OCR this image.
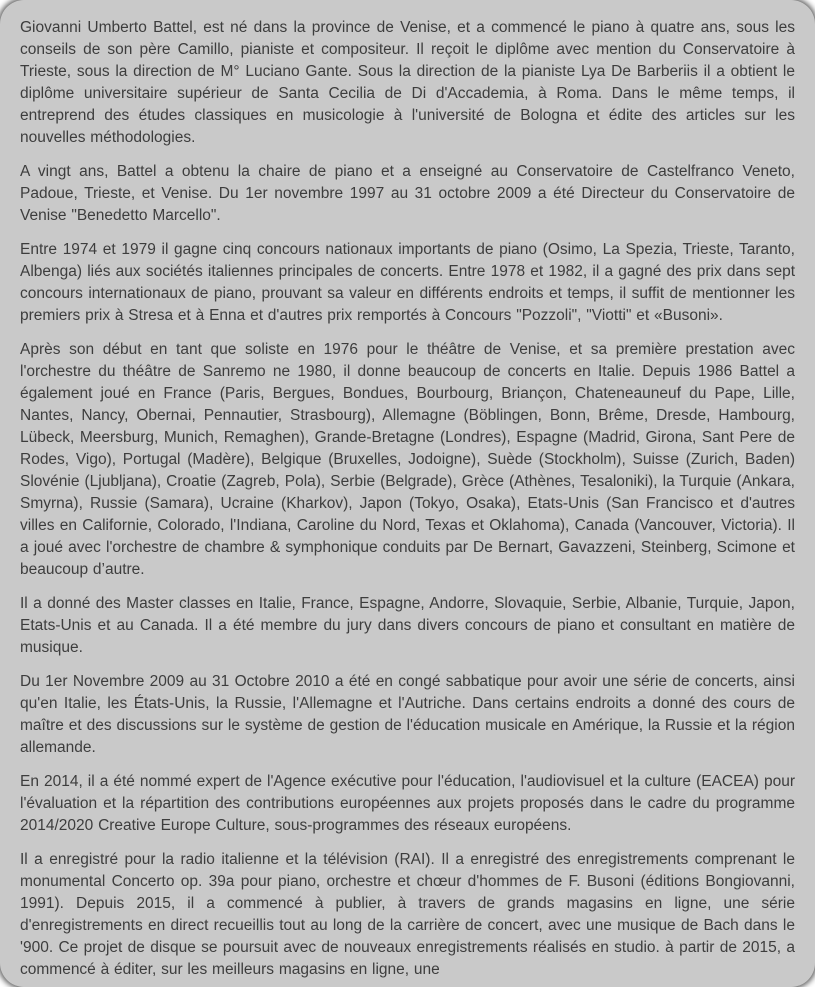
Giovanni Umberto Battel, est né dans la province de Venise, et a commencé le piano à quatre ans, sous les conseils de son père Camillo, pianiste et compositeur. Il reçoit le diplôme avec mention du Conservatoire à Trieste, sous la direction de M° Luciano Gante. Sous la direction de la pianiste Lya De Barberiis il a obtient le diplôme universitaire supérieur de Santa Cecilia de Di d'Accademia, à Roma. Dans le même temps, il entreprend des études classiques en musicologie à l'université de Bologna et édite des articles sur les nouvelles méthodologies.

A vingt ans, Battel a obtenu la chaire de piano et a enseigné au Conservatoire de Castelfranco Veneto, Padoue, Trieste, et Venise. Du 1er novembre 1997 au 31 octobre 2009 a été Directeur du Conservatoire de Venise "Benedetto Marcello".

Entre 1974 et 1979 il gagne cinq concours nationaux importants de piano (Osimo, La Spezia, Trieste, Taranto, Albenga) liés aux sociétés italiennes principales de concerts. Entre 1978 et 1982, il a gagné des prix dans sept concours internationaux de piano, prouvant sa valeur en différents endroits et temps, il suffit de mentionner les premiers prix à Stresa et à Enna et d'autres prix remportés à Concours "Pozzoli", "Viotti" et «Busoni».

Après son début en tant que soliste en 1976 pour le théâtre de Venise, et sa première prestation avec l'orchestre du théâtre de Sanremo ne 1980, il donne beaucoup de concerts en Italie. Depuis 1986 Battel a également joué en France (Paris, Bergues, Bondues, Bourbourg, Briançon, Chateneauneuf du Pape, Lille, Nantes, Nancy, Obernai, Pennautier, Strasbourg), Allemagne (Böblingen, Bonn, Brême, Dresde, Hambourg, Lübeck, Meersburg, Munich, Remaghen), Grande-Bretagne (Londres), Espagne (Madrid, Girona, Sant Pere de Rodes, Vigo), Portugal (Madère), Belgique (Bruxelles, Jodoigne), Suède (Stockholm), Suisse (Zurich, Baden) Slovénie (Ljubljana), Croatie (Zagreb, Pola), Serbie (Belgrade), Grèce (Athènes, Tesaloniki), la Turquie (Ankara, Smyrna), Russie (Samara), Ucraine (Kharkov), Japon (Tokyo, Osaka), Etats-Unis (San Francisco et d'autres villes en Californie, Colorado, l'Indiana, Caroline du Nord, Texas et Oklahoma), Canada (Vancouver, Victoria). Il a joué avec l'orchestre de chambre & symphonique conduits par De Bernart, Gavazzeni, Steinberg, Scimone et beaucoup d’autre.

Il a donné des Master classes en Italie, France, Espagne, Andorre, Slovaquie, Serbie, Albanie, Turquie, Japon, Etats-Unis et au Canada. Il a été membre du jury dans divers concours de piano et consultant en matière de musique.

Du 1er Novembre 2009 au 31 Octobre 2010 a été en congé sabbatique pour avoir une série de concerts, ainsi qu'en Italie, les États-Unis, la Russie, l'Allemagne et l'Autriche. Dans certains endroits a donné des cours de maître et des discussions sur le système de gestion de l'éducation musicale en Amérique, la Russie et la région allemande.

En 2014, il a été nommé expert de l'Agence exécutive pour l'éducation, l'audiovisuel et la culture (EACEA) pour l'évaluation et la répartition des contributions européennes aux projets proposés dans le cadre du programme 2014/2020 Creative Europe Culture, sous-programmes des réseaux européens.

Il a enregistré pour la radio italienne et la télévision (RAI). Il a enregistré des enregistrements comprenant le monumental Concerto op. 39a pour piano, orchestre et chœur d'hommes de F. Busoni (éditions Bongiovanni, 1991). Depuis 2015, il a commencé à publier, à travers de grands magasins en ligne, une série d'enregistrements en direct recueillis tout au long de la carrière de concert, avec une musique de Bach dans le '900. Ce projet de disque se poursuit avec de nouveaux enregistrements réalisés en studio. à partir de 2015, a commencé à éditer, sur les meilleurs magasins en ligne, une
